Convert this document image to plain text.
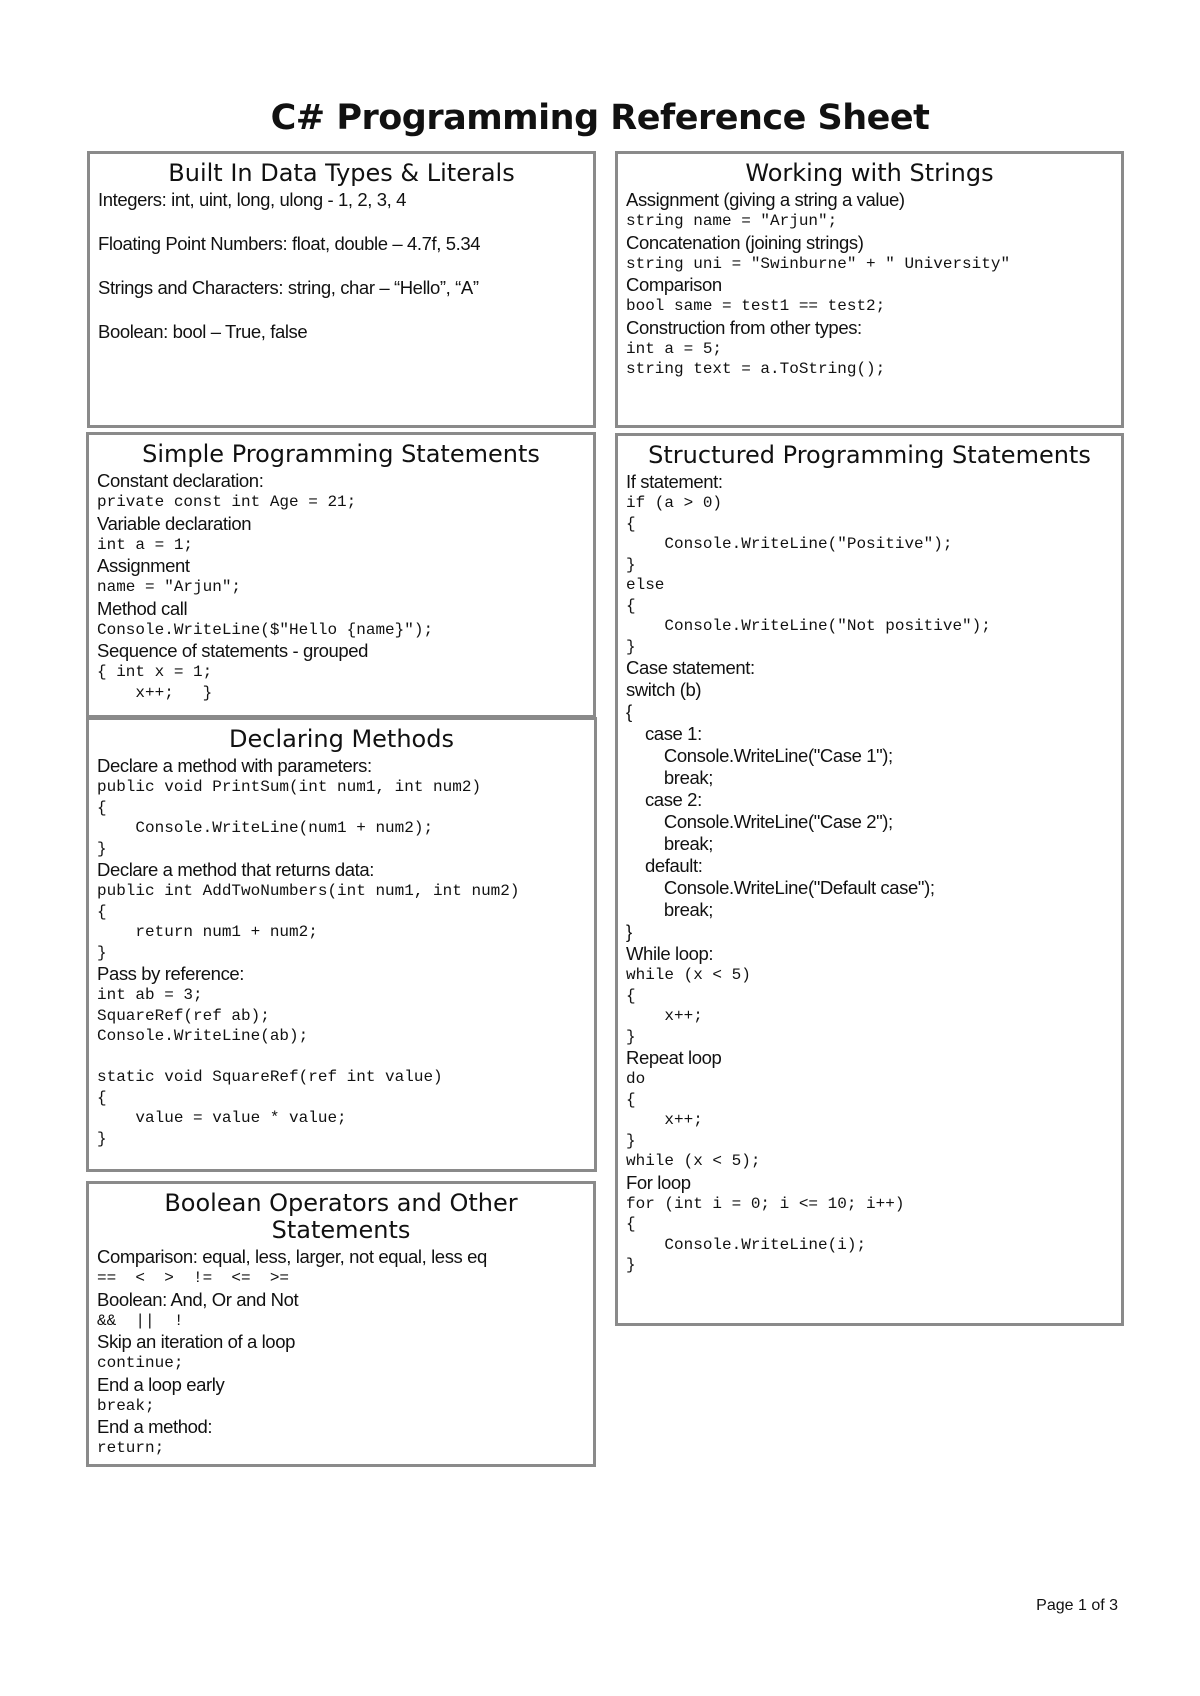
C# Programming Reference Sheet
Built In Data Types & Literals
Integers: int, uint, long, ulong - 1, 2, 3, 4
Floating Point Numbers: float, double – 4.7f, 5.34
Strings and Characters: string, char – “Hello”, “A”
Boolean: bool – True, false
Working with Strings
Assignment (giving a string a value)
string name = "Arjun";
Concatenation (joining strings)
string uni = "Swinburne" + " University"
Comparison
bool same = test1 == test2;
Construction from other types:
int a = 5;
string text = a.ToString();
Simple Programming Statements
Constant declaration:
private const int Age = 21;
Variable declaration
int a = 1;
Assignment
name = "Arjun";
Method call
Console.WriteLine($"Hello {name}");
Sequence of statements - grouped
{ int x = 1;
x++;   }
Structured Programming Statements
If statement:
if (a > 0)
{
Console.WriteLine("Positive");
}
else
{
Console.WriteLine("Not positive");
}
Case statement:
switch (b)
{
case 1:
Console.WriteLine("Case 1");
break;
case 2:
Console.WriteLine("Case 2");
break;
default:
Console.WriteLine("Default case");
break;
}
While loop:
while (x < 5)
{
x++;
}
Repeat loop
do
{
x++;
}
while (x < 5);
For loop
for (int i = 0; i <= 10; i++)
{
Console.WriteLine(i);
}
Declaring Methods
Declare a method with parameters:
public void PrintSum(int num1, int num2)
{
Console.WriteLine(num1 + num2);
}
Declare a method that returns data:
public int AddTwoNumbers(int num1, int num2)
{
return num1 + num2;
}
Pass by reference:
int ab = 3;
SquareRef(ref ab);
Console.WriteLine(ab);
static void SquareRef(ref int value)
{
value = value * value;
}
Boolean Operators and Other Statements
Comparison: equal, less, larger, not equal, less eq
==  <  >  !=  <=  >=
Boolean: And, Or and Not
&&  ||  !
Skip an iteration of a loop
continue;
End a loop early
break;
End a method:
return;
Page 1 of 3
